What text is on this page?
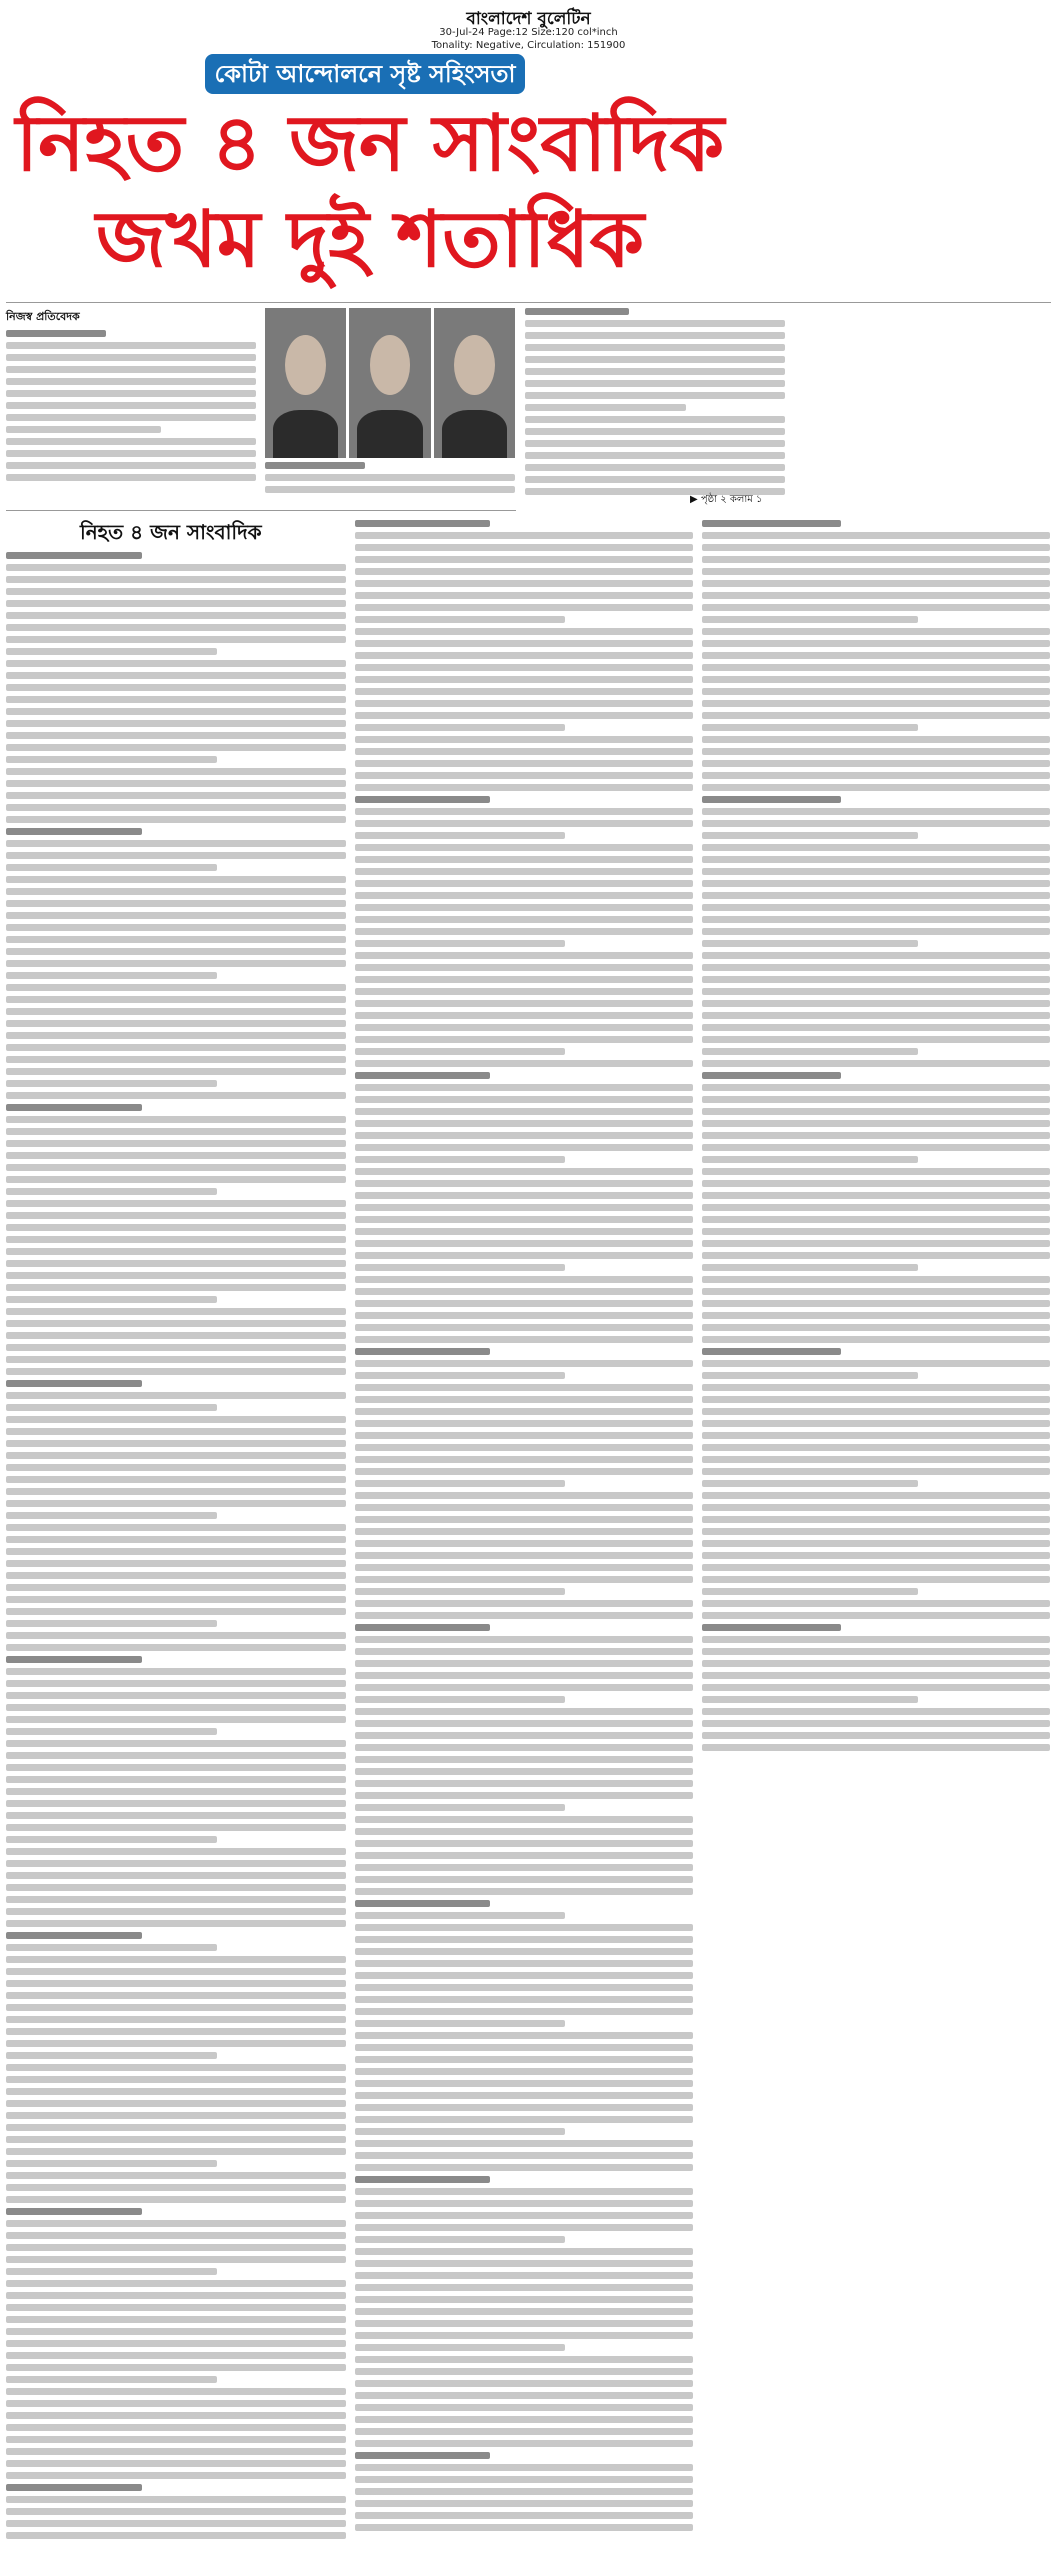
বাংলাদেশ বুলেটিন
30-Jul-24 Page:12 Size:120 col*inch
Tonality: Negative, Circulation: 151900
কোটা আন্দোলনে সৃষ্ট সহিংসতা
নিহত ৪ জন সাংবাদিক
জখম দুই শতাধিক
নিজস্ব প্রতিবেদক
▶ পৃষ্ঠা ২ কলাম ১
নিহত ৪ জন সাংবাদিক
